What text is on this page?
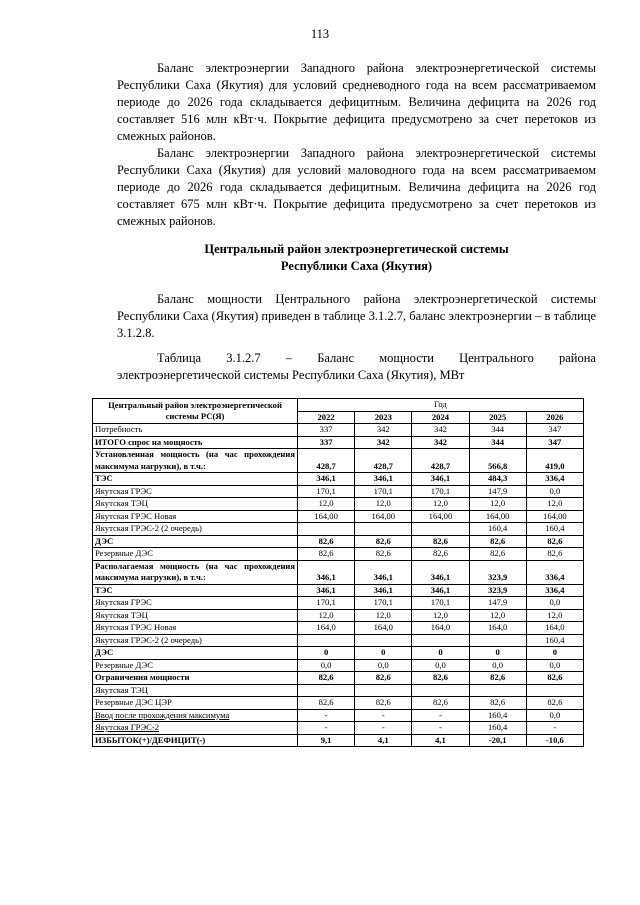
113

Баланс электроэнергии Западного района электроэнергетической системы Республики Саха (Якутия) для условий средневодного года на всем рассматриваемом периоде до 2026 года складывается дефицитным. Величина дефицита на 2026 год составляет 516 млн кВт·ч. Покрытие дефицита предусмотрено за счет перетоков из смежных районов.

Баланс электроэнергии Западного района электроэнергетической системы Республики Саха (Якутия) для условий маловодного года на всем рассматриваемом периоде до 2026 года складывается дефицитным. Величина дефицита на 2026 год составляет 675 млн кВт·ч. Покрытие дефицита предусмотрено за счет перетоков из смежных районов.

Центральный район электроэнергетической системы
Республики Саха (Якутия)

Баланс мощности Центрального района электроэнергетической системы Республики Саха (Якутия) приведен в таблице 3.1.2.7, баланс электроэнергии – в таблице 3.1.2.8.

Таблица 3.1.2.7 – Баланс мощности Центрального района
электроэнергетической системы Республики Саха (Якутия), МВт
Центральный район электроэнергетической системы РС(Я)	Год				
	2022	2023	2024	2025	2026
Потребность	337	342	342	344	347
ИТОГО спрос на мощность	337	342	342	344	347
Установленная мощность (на час прохождения максимума нагрузки), в т.ч.:	428,7	428,7	428,7	566,8	419,0
ТЭС	346,1	346,1	346,1	484,3	336,4
Якутская ГРЭС	170,1	170,1	170,1	147,9	0,0
Якутская ТЭЦ	12,0	12,0	12,0	12,0	12,0
Якутская ГРЭС Новая	164,00	164,00	164,00	164,00	164,00
Якутская ГРЭС-2 (2 очередь)				160,4	160,4
ДЭС	82,6	82,6	82,6	82,6	82,6
Резервные ДЭС	82,6	82,6	82,6	82,6	82,6
Располагаемая мощность (на час прохождения максимума нагрузки), в т.ч.:	346,1	346,1	346,1	323,9	336,4
ТЭС	346,1	346,1	346,1	323,9	336,4
Якутская ГРЭС	170,1	170,1	170,1	147,9	0,0
Якутская ТЭЦ	12,0	12,0	12,0	12,0	12,0
Якутская ГРЭС Новая	164,0	164,0	164,0	164,0	164,0
Якутская ГРЭС-2 (2 очередь)					160,4
ДЭС	0	0	0	0	0
Резервные ДЭС	0,0	0,0	0,0	0,0	0,0
Ограничения мощности	82,6	82,6	82,6	82,6	82,6
Якутская ТЭЦ					
Резервные ДЭС ЦЭР	82,6	82,6	82,6	82,6	82,6
Ввод после прохождения максимума	-	-	-	160,4	0,0
Якутская ГРЭС-2	-	-	-	160,4	-
ИЗБЫТОК(+)/ДЕФИЦИТ(-)	9,1	4,1	4,1	-20,1	-10,6
